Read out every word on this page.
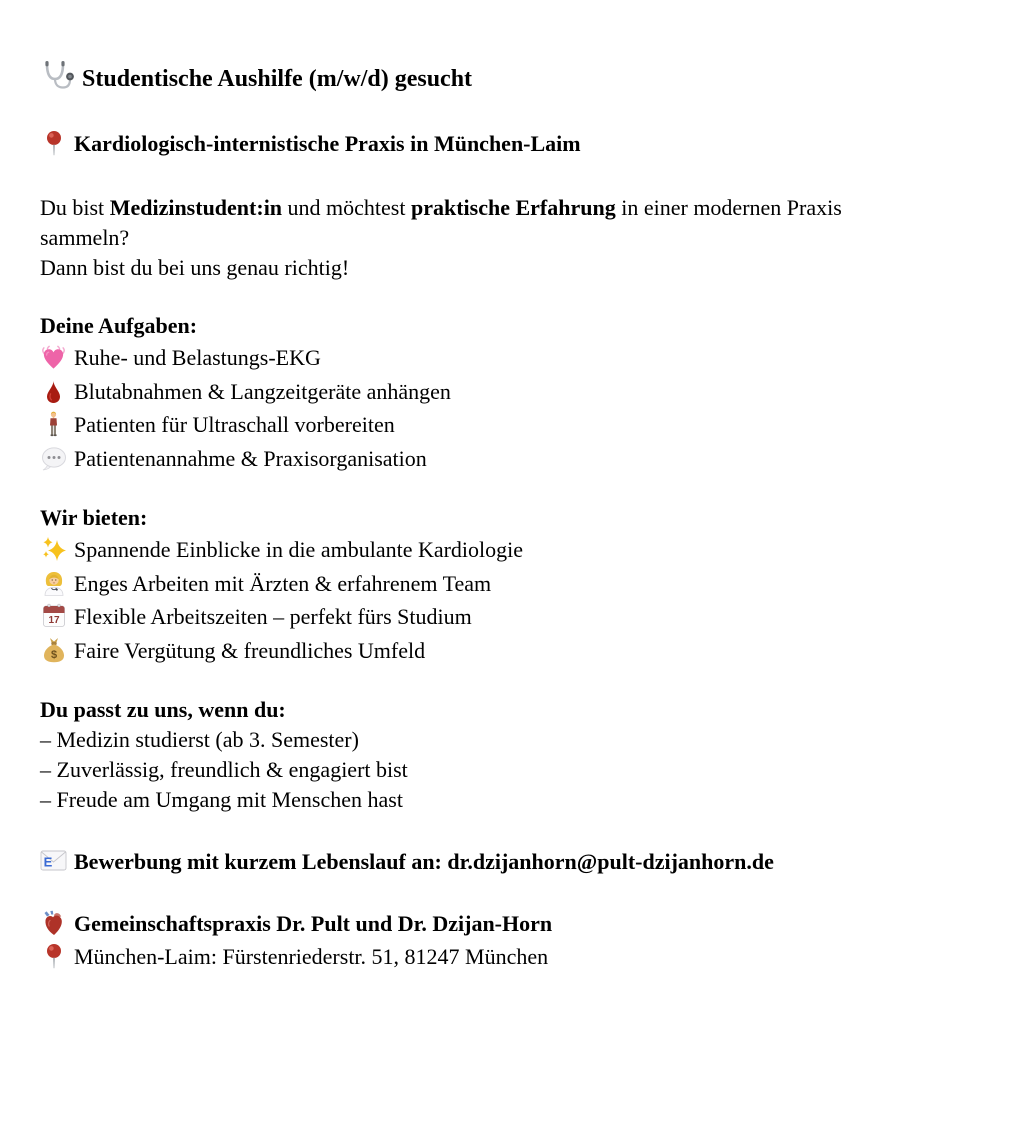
Studentische Aushilfe (m/w/d) gesucht
Kardiologisch-internistische Praxis in München-Laim
Du bist Medizinstudent:in und möchtest praktische Erfahrung in einer modernen Praxis
sammeln?
Dann bist du bei uns genau richtig!
Deine Aufgaben:
Ruhe- und Belastungs-EKG
Blutabnahmen & Langzeitgeräte anhängen
Patienten für Ultraschall vorbereiten
Patientenannahme & Praxisorganisation
Wir bieten:
Spannende Einblicke in die ambulante Kardiologie
Enges Arbeiten mit Ärzten & erfahrenem Team
17 Flexible Arbeitszeiten – perfekt fürs Studium
$ Faire Vergütung & freundliches Umfeld
Du passt zu uns, wenn du:
– Medizin studierst (ab 3. Semester)
– Zuverlässig, freundlich & engagiert bist
– Freude am Umgang mit Menschen hast
E Bewerbung mit kurzem Lebenslauf an: dr.dzijanhorn@pult-dzijanhorn.de
Gemeinschaftspraxis Dr. Pult und Dr. Dzijan-Horn
München-Laim: Fürstenriederstr. 51, 81247 München
